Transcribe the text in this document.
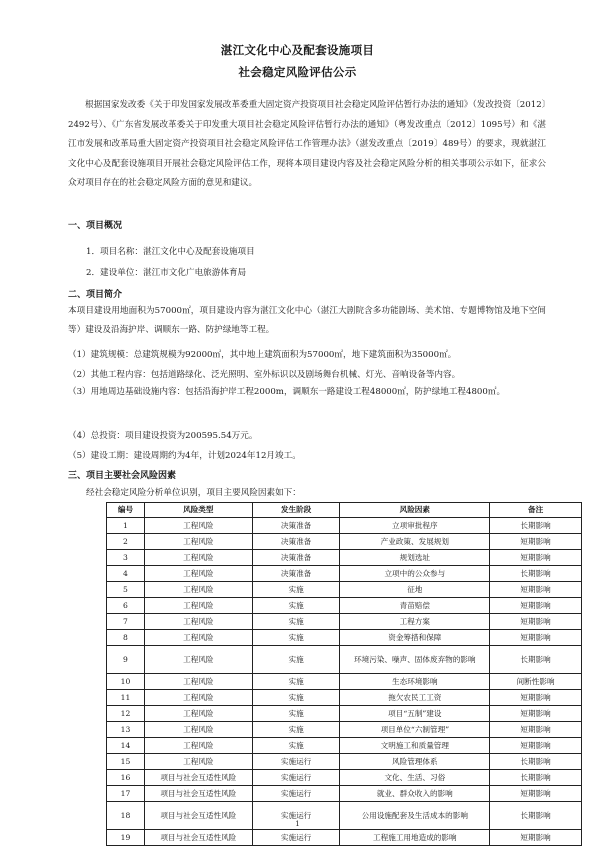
湛江文化中心及配套设施项目
社会稳定风险评估公示

根据国家发改委《关于印发国家发展改革委重大固定资产投资项目社会稳定风险评估暂行办法的通知》（发改投资〔2012〕2492号）、《广东省发展改革委关于印发重大项目社会稳定风险评估暂行办法的通知》（粤发改重点〔2012〕1095号）和《湛江市发展和改革局重大固定资产投资项目社会稳定风险评估工作管理办法》（湛发改重点〔2019〕489号）的要求，现就湛江文化中心及配套设施项目开展社会稳定风险评估工作，现将本项目建设内容及社会稳定风险分析的相关事项公示如下，征求公众对项目存在的社会稳定风险方面的意见和建议。

一、项目概况

1．项目名称：湛江文化中心及配套设施项目

2．建设单位：湛江市文化广电旅游体育局

二、项目简介

本项目建设用地面积为57000㎡，项目建设内容为湛江文化中心（湛江大剧院含多功能剧场、美术馆、专题博物馆及地下空间等）建设及沿海护岸、调顺东一路、防护绿地等工程。

（1）建筑规模：总建筑规模为92000㎡，其中地上建筑面积为57000㎡，地下建筑面积为35000㎡。

（2）其他工程内容：包括道路绿化、泛光照明、室外标识以及剧场舞台机械、灯光、音响设备等内容。

（3）用地周边基础设施内容：包括沿海护岸工程2000m，调顺东一路建设工程48000㎡，防护绿地工程4800㎡。

（4）总投资：项目建设投资为200595.54万元。

（5）建设工期：建设周期约为4年，计划2024年12月竣工。

三、项目主要社会风险因素

经社会稳定风险分析单位识别，项目主要风险因素如下：

编号	风险类型	发生阶段	风险因素	备注
1	工程风险	决策准备	立项审批程序	长期影响
2	工程风险	决策准备	产业政策、发展规划	短期影响
3	工程风险	决策准备	规划选址	短期影响
4	工程风险	决策准备	立项中的公众参与	长期影响
5	工程风险	实施	征地	短期影响
6	工程风险	实施	青苗赔偿	短期影响
7	工程风险	实施	工程方案	短期影响
8	工程风险	实施	资金筹措和保障	短期影响
9	工程风险	实施	环境污染、噪声、固体废弃物的影响	长期影响
10	工程风险	实施	生态环境影响	间断性影响
11	工程风险	实施	拖欠农民工工资	短期影响
12	工程风险	实施	项目“五制”建设	短期影响
13	工程风险	实施	项目单位“六制管理”	短期影响
14	工程风险	实施	文明施工和质量管理	短期影响
15	工程风险	实施运行	风险管理体系	长期影响
16	项目与社会互适性风险	实施运行	文化、生活、习俗	长期影响
17	项目与社会互适性风险	实施运行	就业、群众收入的影响	短期影响
18	项目与社会互适性风险	实施运行	公用设施配套及生活成本的影响	长期影响
19	项目与社会互适性风险	实施运行	工程施工用地造成的影响	短期影响
1
